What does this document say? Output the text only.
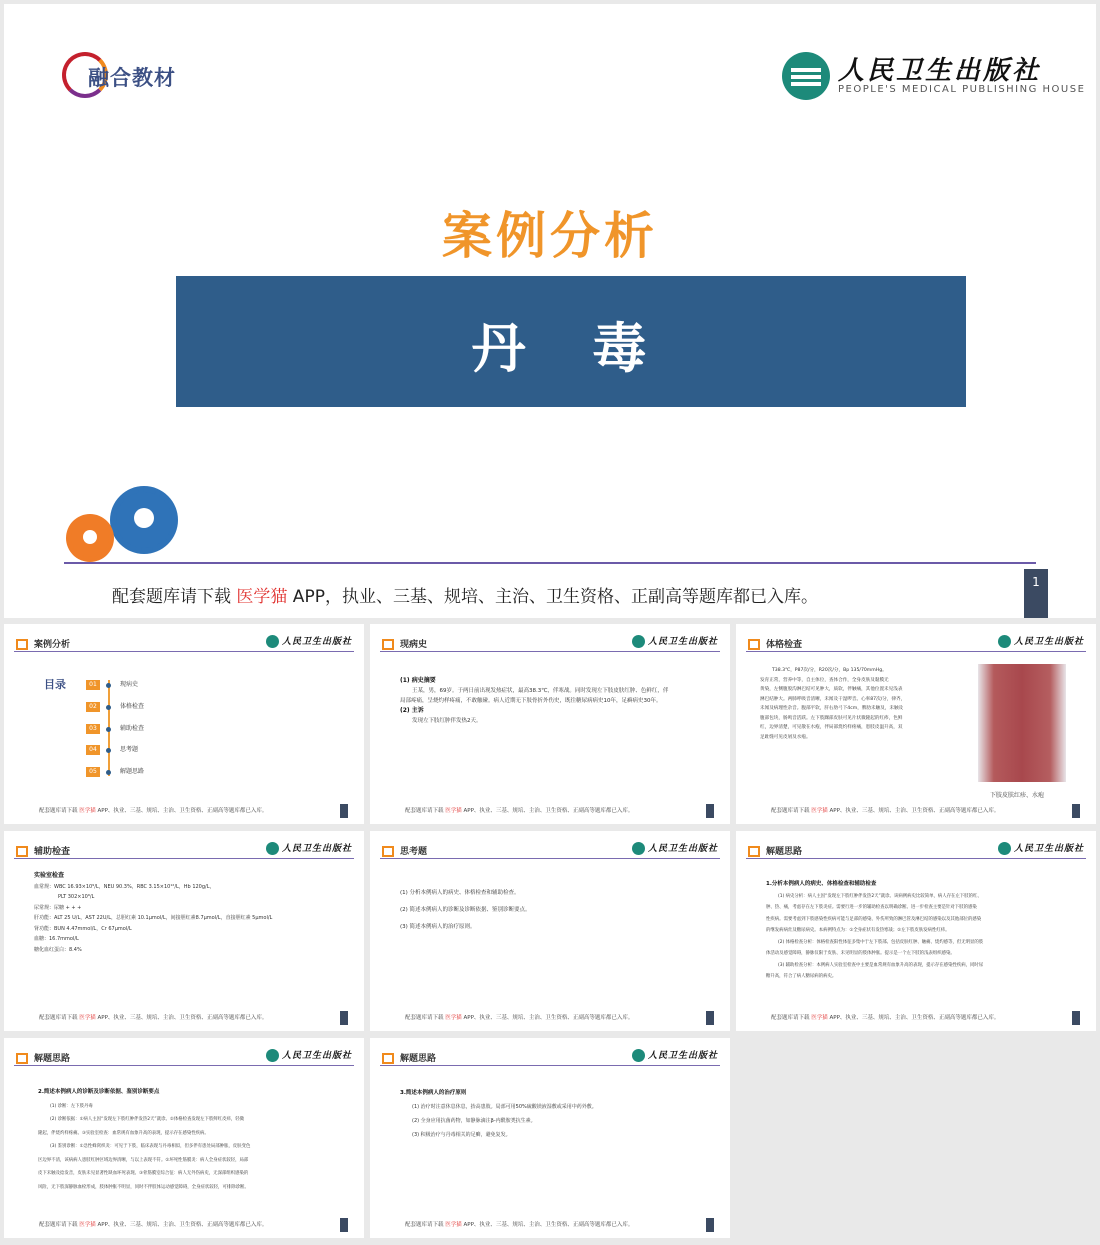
融合教材	人民卫生出版社
PEOPLE'S MEDICAL PUBLISHING HOUSE
案例分析
丹 毒
配套题库请下载 医学猫 APP，执业、三基、规培、主治、卫生资格、正副高等题库都已入库。
1
案例分析	人民卫生出版社
目录	01	现病史
02	体格检查
03	辅助检查
04	思考题
05	解题思路
配套题库请下载 医学猫 APP、执业、三基、规培、主治、卫生资格、正副高等题库都已入库。
现病史	人民卫生出版社

(1) 病史摘要

王某，男，69岁。于两日前出现发热症状，最高38.3℃，伴寒战。同时发现左下肢皮肤红肿、色鲜红，伴

局部疼痛，呈烧灼样疼痛，不敢触碰。病人近期无下肢骨折外伤史，既往糖尿病病史10年，足癣病史30年。

(2) 主诉

发现左下肢红肿伴发热2天。

配套题库请下载 医学猫 APP、执业、三基、规培、主治、卫生资格、正副高等题库都已入库。
体格检查	人民卫生出版社

T38.3℃，P87次/分，R20次/分，Bp 135/70mmHg。

发育正常，营养中等，自主体位，查体合作，全身皮肤及黏膜无

黄染，左侧腹股沟淋巴结可见肿大，质软，伴触痛，其他位置未见浅表

淋巴结肿大。两肺呼吸音清晰，未闻及干湿啰音。心率87次/分，律齐，

未闻及病理性杂音。腹部平软，肝右肋弓下4cm，脾肋未触及，未触及

腹部包块，肠鸣音活跃。左下肢踝部皮肤可见片状微隆起的红疹，色鲜

红，边界清楚，可见散在水疱，伴局部烧灼样疼痛，患肢皮温升高，双

足趾缝可见皮屑及水疱。

下肢皮肤红疹、水疱
配套题库请下载 医学猫 APP、执业、三基、规培、主治、卫生资格、正副高等题库都已入库。
辅助检查	人民卫生出版社

实验室检查

血常规：WBC 16.93×10⁹/L，NEU 90.3%，RBC 3.15×10¹²/L，Hb 120g/L，

PLT 302×10⁹/L

尿常规：尿糖 + + +

肝功能：ALT 25 U/L，AST 22U/L，总胆红素 10.1μmol/L，间接胆红素8.7μmol/L，直接胆红素 5μmol/L

肾功能：BUN 4.47mmol/L，Cr 67μmol/L

血糖：16.7mmol/L

糖化血红蛋白：8.4%

配套题库请下载 医学猫 APP、执业、三基、规培、主治、卫生资格、正副高等题库都已入库。
思考题	人民卫生出版社

(1) 分析本例病人的病史、体格检查和辅助检查。

(2) 简述本例病人的诊断及诊断依据、鉴别诊断要点。

(3) 简述本例病人的治疗原则。

配套题库请下载 医学猫 APP、执业、三基、规培、主治、卫生资格、正副高等题库都已入库。
解题思路	人民卫生出版社

1.分析本例病人的病史、体格检查和辅助检查

(1) 病史分析：病人主因“发现左下肢红肿伴发热2天”就诊。该病例病史比较简单，病人存在左下肢的红、

肿、热、痛，考虑存在左下肢炎症。需要行进一步的辅助检查以明确诊断。进一步检查主要是针对下肢的感染

性疾病。需要考虑到下肢感染性疾病可能与足部的感染、外伤所致的淋巴管及淋巴结的感染以及其他部位的感染

的继发病病灶及糖尿病史。本病例特点为：①全身症状有发热寒战；②左下肢皮肤发病性红疹。

(2) 体格检查分析：体格检查阳性体征多集中于左下肢部。包括皮肤红肿、触痛、烧灼感等，但无明显的肢

体活动及感觉障碍，静脉仅限于皮肤、未见明显的肢体肿胀。提示是一个左下肢的浅表组织感染。

(3) 辅助检查分析：本例病人实验室检查中主要是血常规有血象升高的表现，提示存在感染性疾病，同时尿

糖升高，符合了病人糖尿病的病史。

配套题库请下载 医学猫 APP、执业、三基、规培、主治、卫生资格、正副高等题库都已入库。
解题思路	人民卫生出版社

2.简述本例病人的诊断及诊断依据、鉴别诊断要点

(1) 诊断：左下肢丹毒

(2) 诊断依据：①病人主因“发现左下肢红肿伴发热2天”就诊。②体格检查发现左下肢鲜红皮疹，轻微

隆起，伴烧灼样疼痛。③实验室检查：血常规有血象升高的表现，提示存在感染性疾病。

(3) 鉴别诊断：①急性蜂窝织炎：可见于下肢，临床表现与丹毒相似，但多伴有患处局部肿胀，皮肤变色

区边界不清，该病病人患肢红肿区域边界清晰，与以上表现不符。②坏死性筋膜炎：病人全身症状较轻，局部

皮下未触及捻发音，皮肤未见显著性缺血坏死表现。③骨筋膜室综合征：病人无外伤病史，无深部组织感染的

风险，无下肢深静脉血栓形成，肢体肿胀不明显，同时不伴肢体运动感觉障碍，全身症状较轻，可排除诊断。

配套题库请下载 医学猫 APP、执业、三基、规培、主治、卫生资格、正副高等题库都已入库。
解题思路	人民卫生出版社

3.简述本例病人的治疗原则

(1) 治疗时注意休息休息，抬高患肢。局部可用50%硫酸镁液湿敷或采用中药外敷。

(2) 全身应用抗菌药物，如静脉滴注β-内酰胺类抗生素。

(3) 积极治疗与丹毒相关的足癣，避免复发。

配套题库请下载 医学猫 APP、执业、三基、规培、主治、卫生资格、正副高等题库都已入库。
